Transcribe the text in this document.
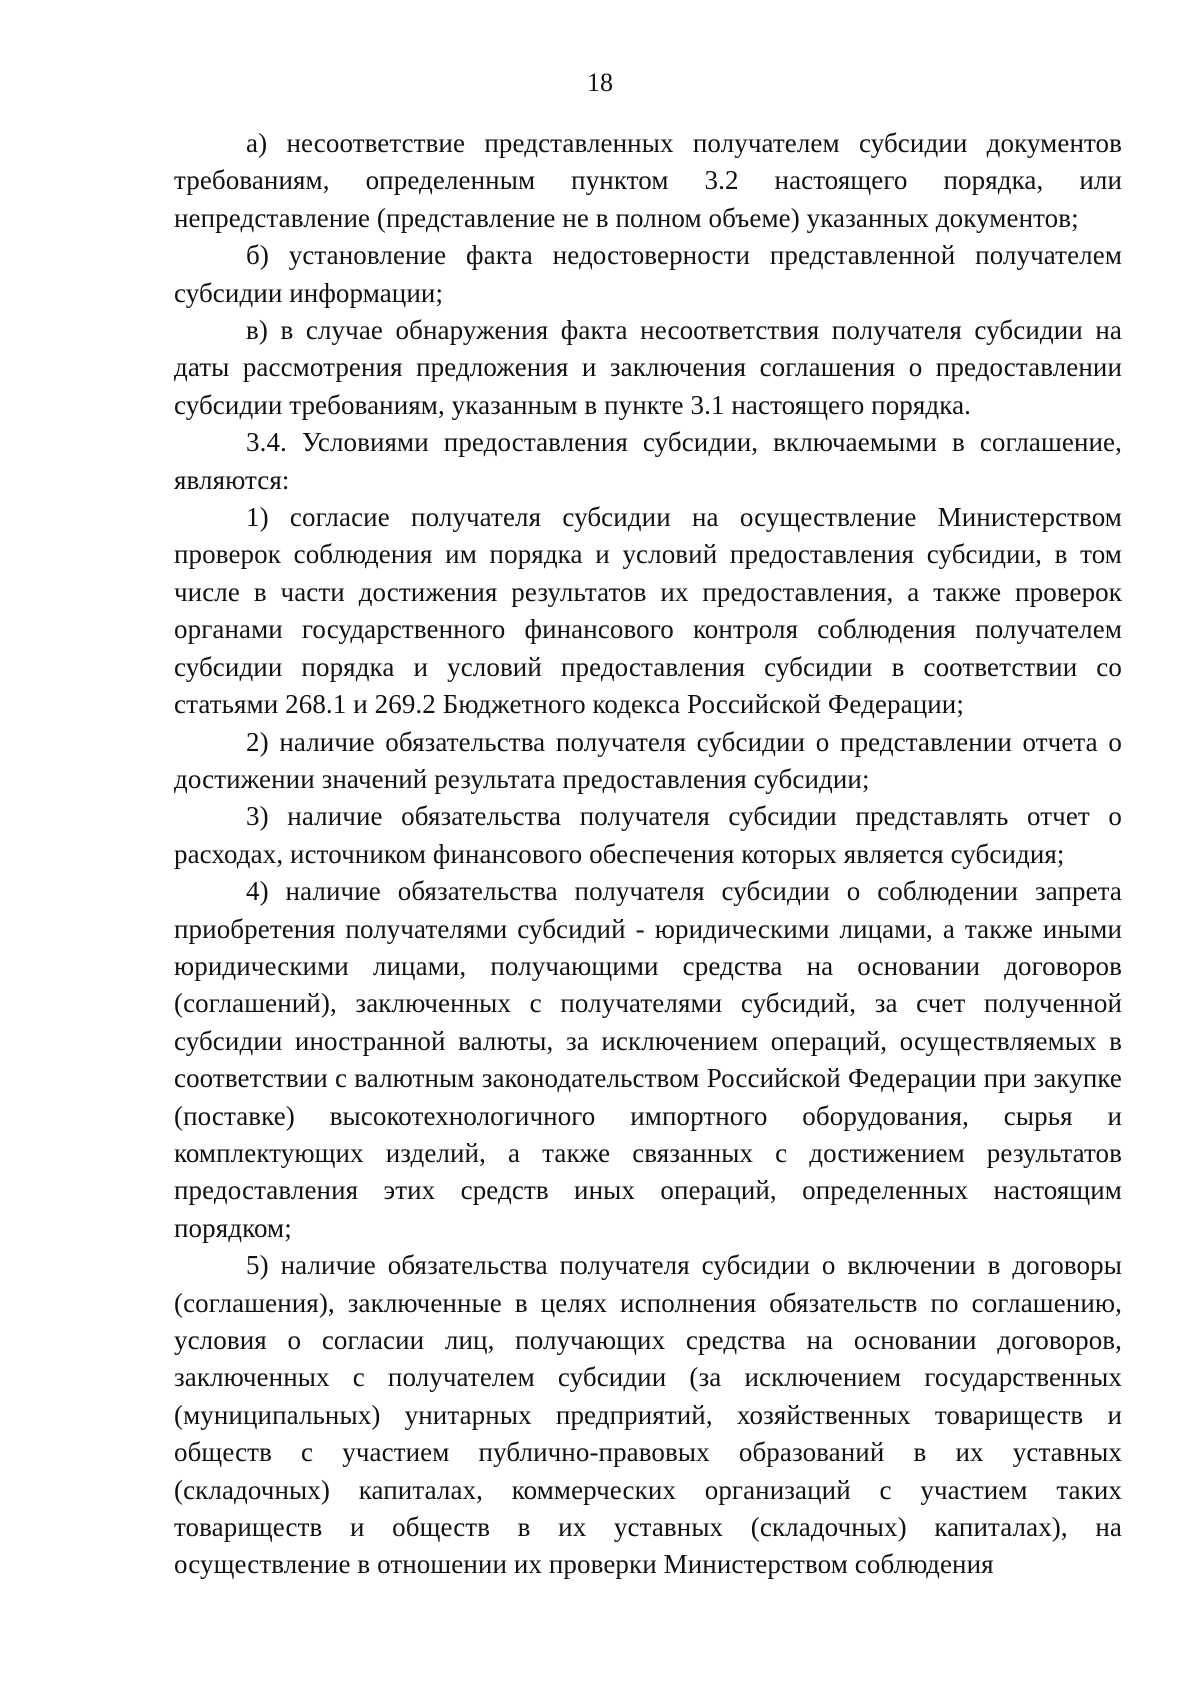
18

а) несоответствие представленных получателем субсидии документов требованиям, определенным пунктом 3.2 настоящего порядка, или непредставление (представление не в полном объеме) указанных документов;

б) установление факта недостоверности представленной получателем субсидии информации;

в) в случае обнаружения факта несоответствия получателя субсидии на даты рассмотрения предложения и заключения соглашения о предоставлении субсидии требованиям, указанным в пункте 3.1 настоящего порядка.

3.4. Условиями предоставления субсидии, включаемыми в соглашение, являются:

1) согласие получателя субсидии на осуществление Министерством проверок соблюдения им порядка и условий предоставления субсидии, в том числе в части достижения результатов их предоставления, а также проверок органами государственного финансового контроля соблюдения получателем субсидии порядка и условий предоставления субсидии в соответствии со статьями 268.1 и 269.2 Бюджетного кодекса Российской Федерации;

2) наличие обязательства получателя субсидии о представлении отчета о достижении значений результата предоставления субсидии;

3) наличие обязательства получателя субсидии представлять отчет о расходах, источником финансового обеспечения которых является субсидия;

4) наличие обязательства получателя субсидии о соблюдении запрета приобретения получателями субсидий - юридическими лицами, а также иными юридическими лицами, получающими средства на основании договоров (соглашений), заключенных с получателями субсидий, за счет полученной субсидии иностранной валюты, за исключением операций, осуществляемых в соответствии с валютным законодательством Российской Федерации при закупке (поставке) высокотехнологичного импортного оборудования, сырья и комплектующих изделий, а также связанных с достижением результатов предоставления этих средств иных операций, определенных настоящим порядком;

5) наличие обязательства получателя субсидии о включении в договоры (соглашения), заключенные в целях исполнения обязательств по соглашению, условия о согласии лиц, получающих средства на основании договоров, заключенных с получателем субсидии (за исключением государственных (муниципальных) унитарных предприятий, хозяйственных товариществ и обществ с участием публично-правовых образований в их уставных (складочных) капиталах, коммерческих организаций с участием таких товариществ и обществ в их уставных (складочных) капиталах), на осуществление в отношении их проверки Министерством соблюдения
